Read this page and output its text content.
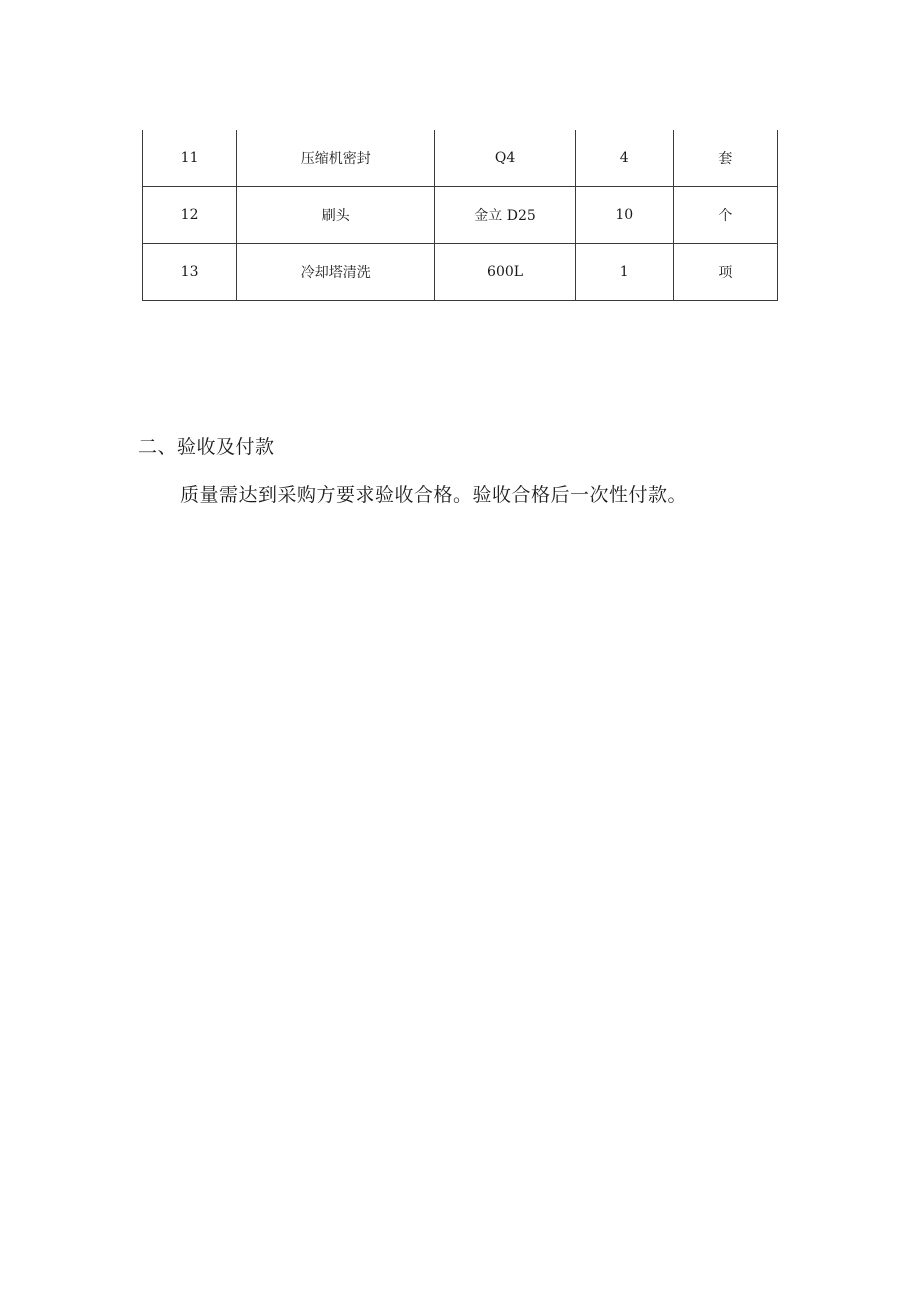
11	压缩机密封	Q4	4	套
12	刷头	金立 D25	10	个
13	冷却塔清洗	600L	1	项
二、验收及付款

质量需达到采购方要求验收合格。验收合格后一次性付款。
